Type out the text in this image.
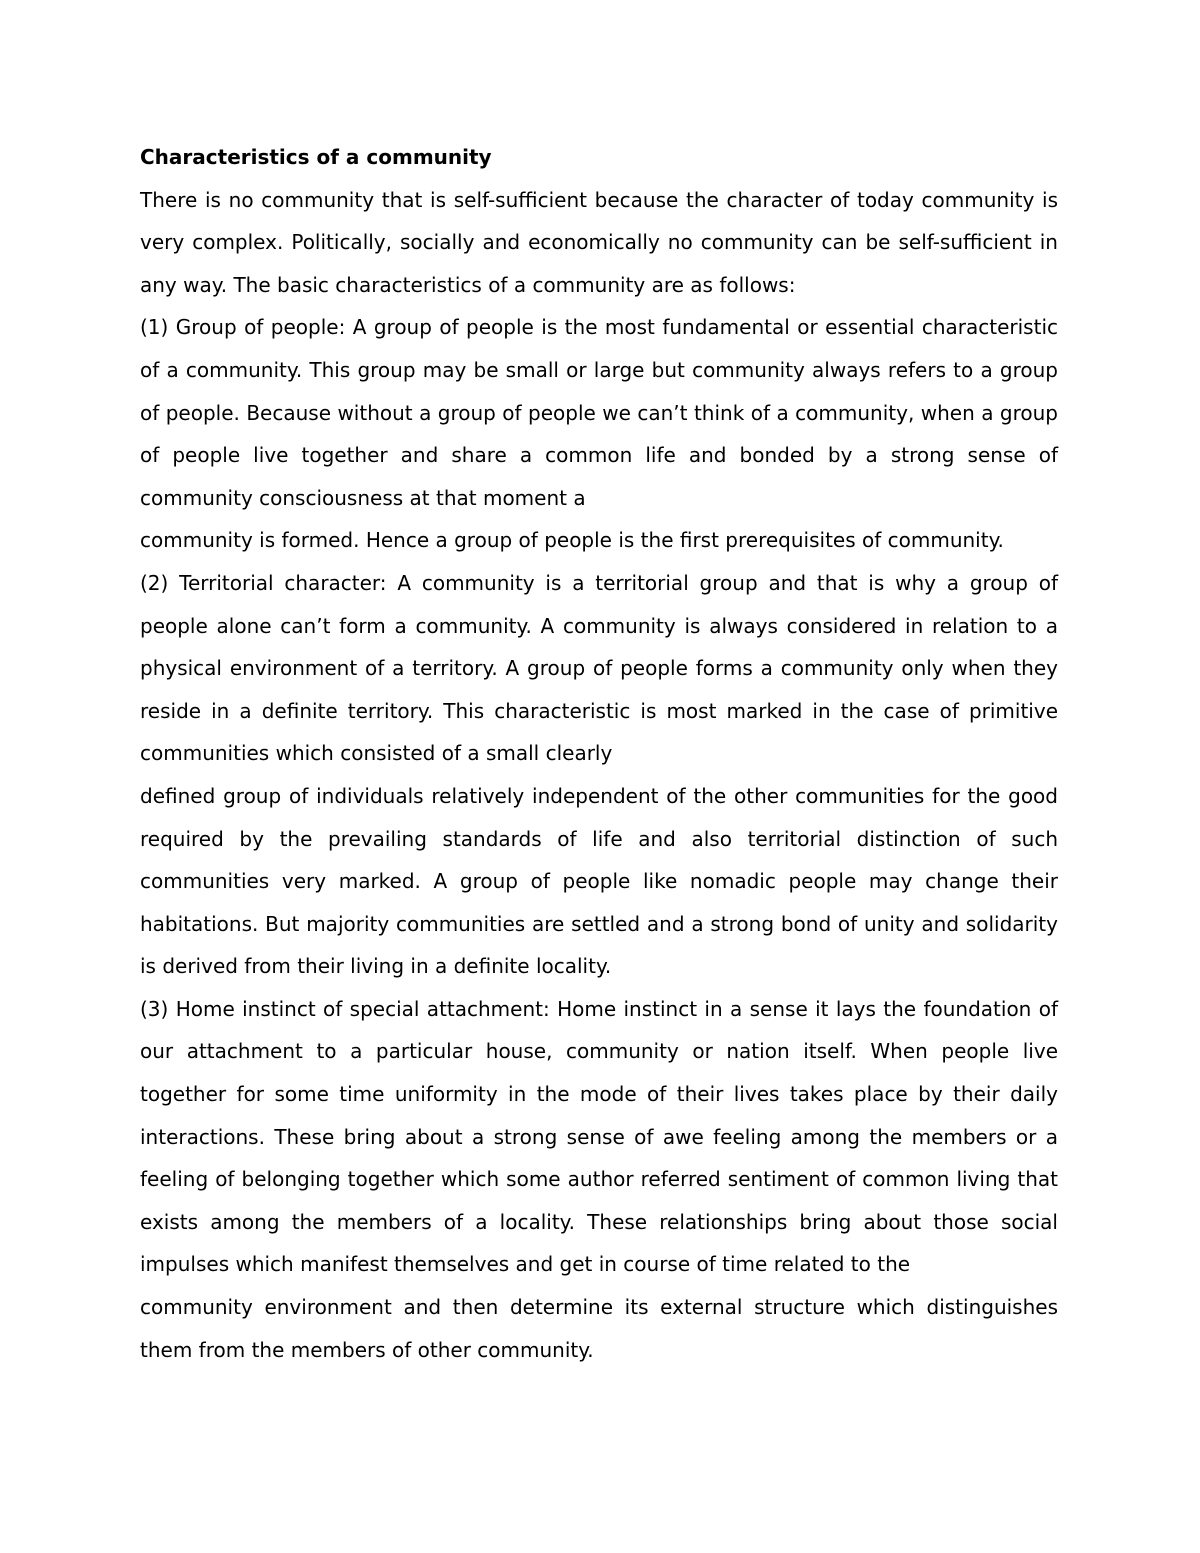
Characteristics of a community

There is no community that is self-sufficient because the character of today community is very complex. Politically, socially and economically no community can be self-sufficient in any way. The basic characteristics of a community are as follows:

(1) Group of people: A group of people is the most fundamental or essential characteristic of a community. This group may be small or large but community always refers to a group of people. Because without a group of people we can’t think of a community, when a group of people live together and share a common life and bonded by a strong sense of community consciousness at that moment a

community is formed. Hence a group of people is the first prerequisites of community.

(2) Territorial character: A community is a territorial group and that is why a group of people alone can’t form a community. A community is always considered in relation to a physical environment of a territory. A group of people forms a community only when they reside in a definite territory. This characteristic is most marked in the case of primitive communities which consisted of a small clearly

defined group of individuals relatively independent of the other communities for the good required by the prevailing standards of life and also territorial distinction of such communities very marked. A group of people like nomadic people may change their habitations. But majority communities are settled and a strong bond of unity and solidarity is derived from their living in a definite locality.

(3) Home instinct of special attachment: Home instinct in a sense it lays the foundation of our attachment to a particular house, community or nation itself. When people live together for some time uniformity in the mode of their lives takes place by their daily interactions. These bring about a strong sense of awe feeling among the members or a feeling of belonging together which some author referred sentiment of common living that exists among the members of a locality. These relationships bring about those social impulses which manifest themselves and get in course of time related to the

community environment and then determine its external structure which distinguishes them from the members of other community.
